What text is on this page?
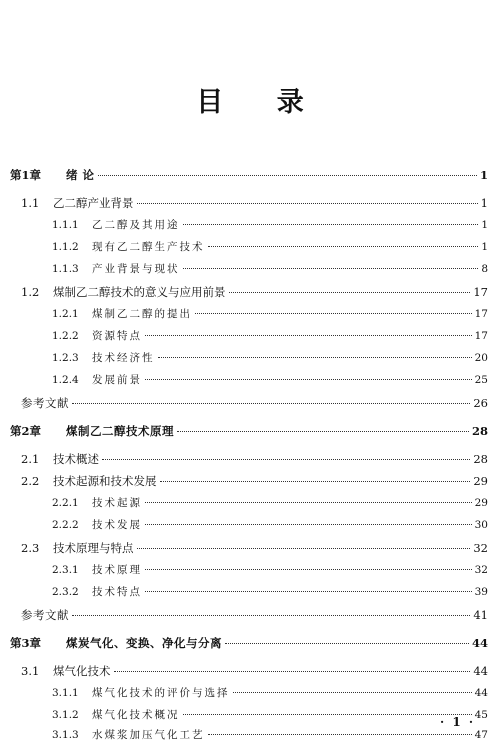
目 录
第1章	绪 论	1
1.1	乙二醇产业背景	1
1.1.1	乙二醇及其用途	1
1.1.2	现有乙二醇生产技术	1
1.1.3	产业背景与现状	8
1.2	煤制乙二醇技术的意义与应用前景	17
1.2.1	煤制乙二醇的提出	17
1.2.2	资源特点	17
1.2.3	技术经济性	20
1.2.4	发展前景	25
参考文献	26
第2章	煤制乙二醇技术原理	28
2.1	技术概述	28
2.2	技术起源和技术发展	29
2.2.1	技术起源	29
2.2.2	技术发展	30
2.3	技术原理与特点	32
2.3.1	技术原理	32
2.3.2	技术特点	39
参考文献	41
第3章	煤炭气化、变换、净化与分离	44
3.1	煤气化技术	44
3.1.1	煤气化技术的评价与选择	44
3.1.2	煤气化技术概况	45
3.1.3	水煤浆加压气化工艺	47
· 1 ·
